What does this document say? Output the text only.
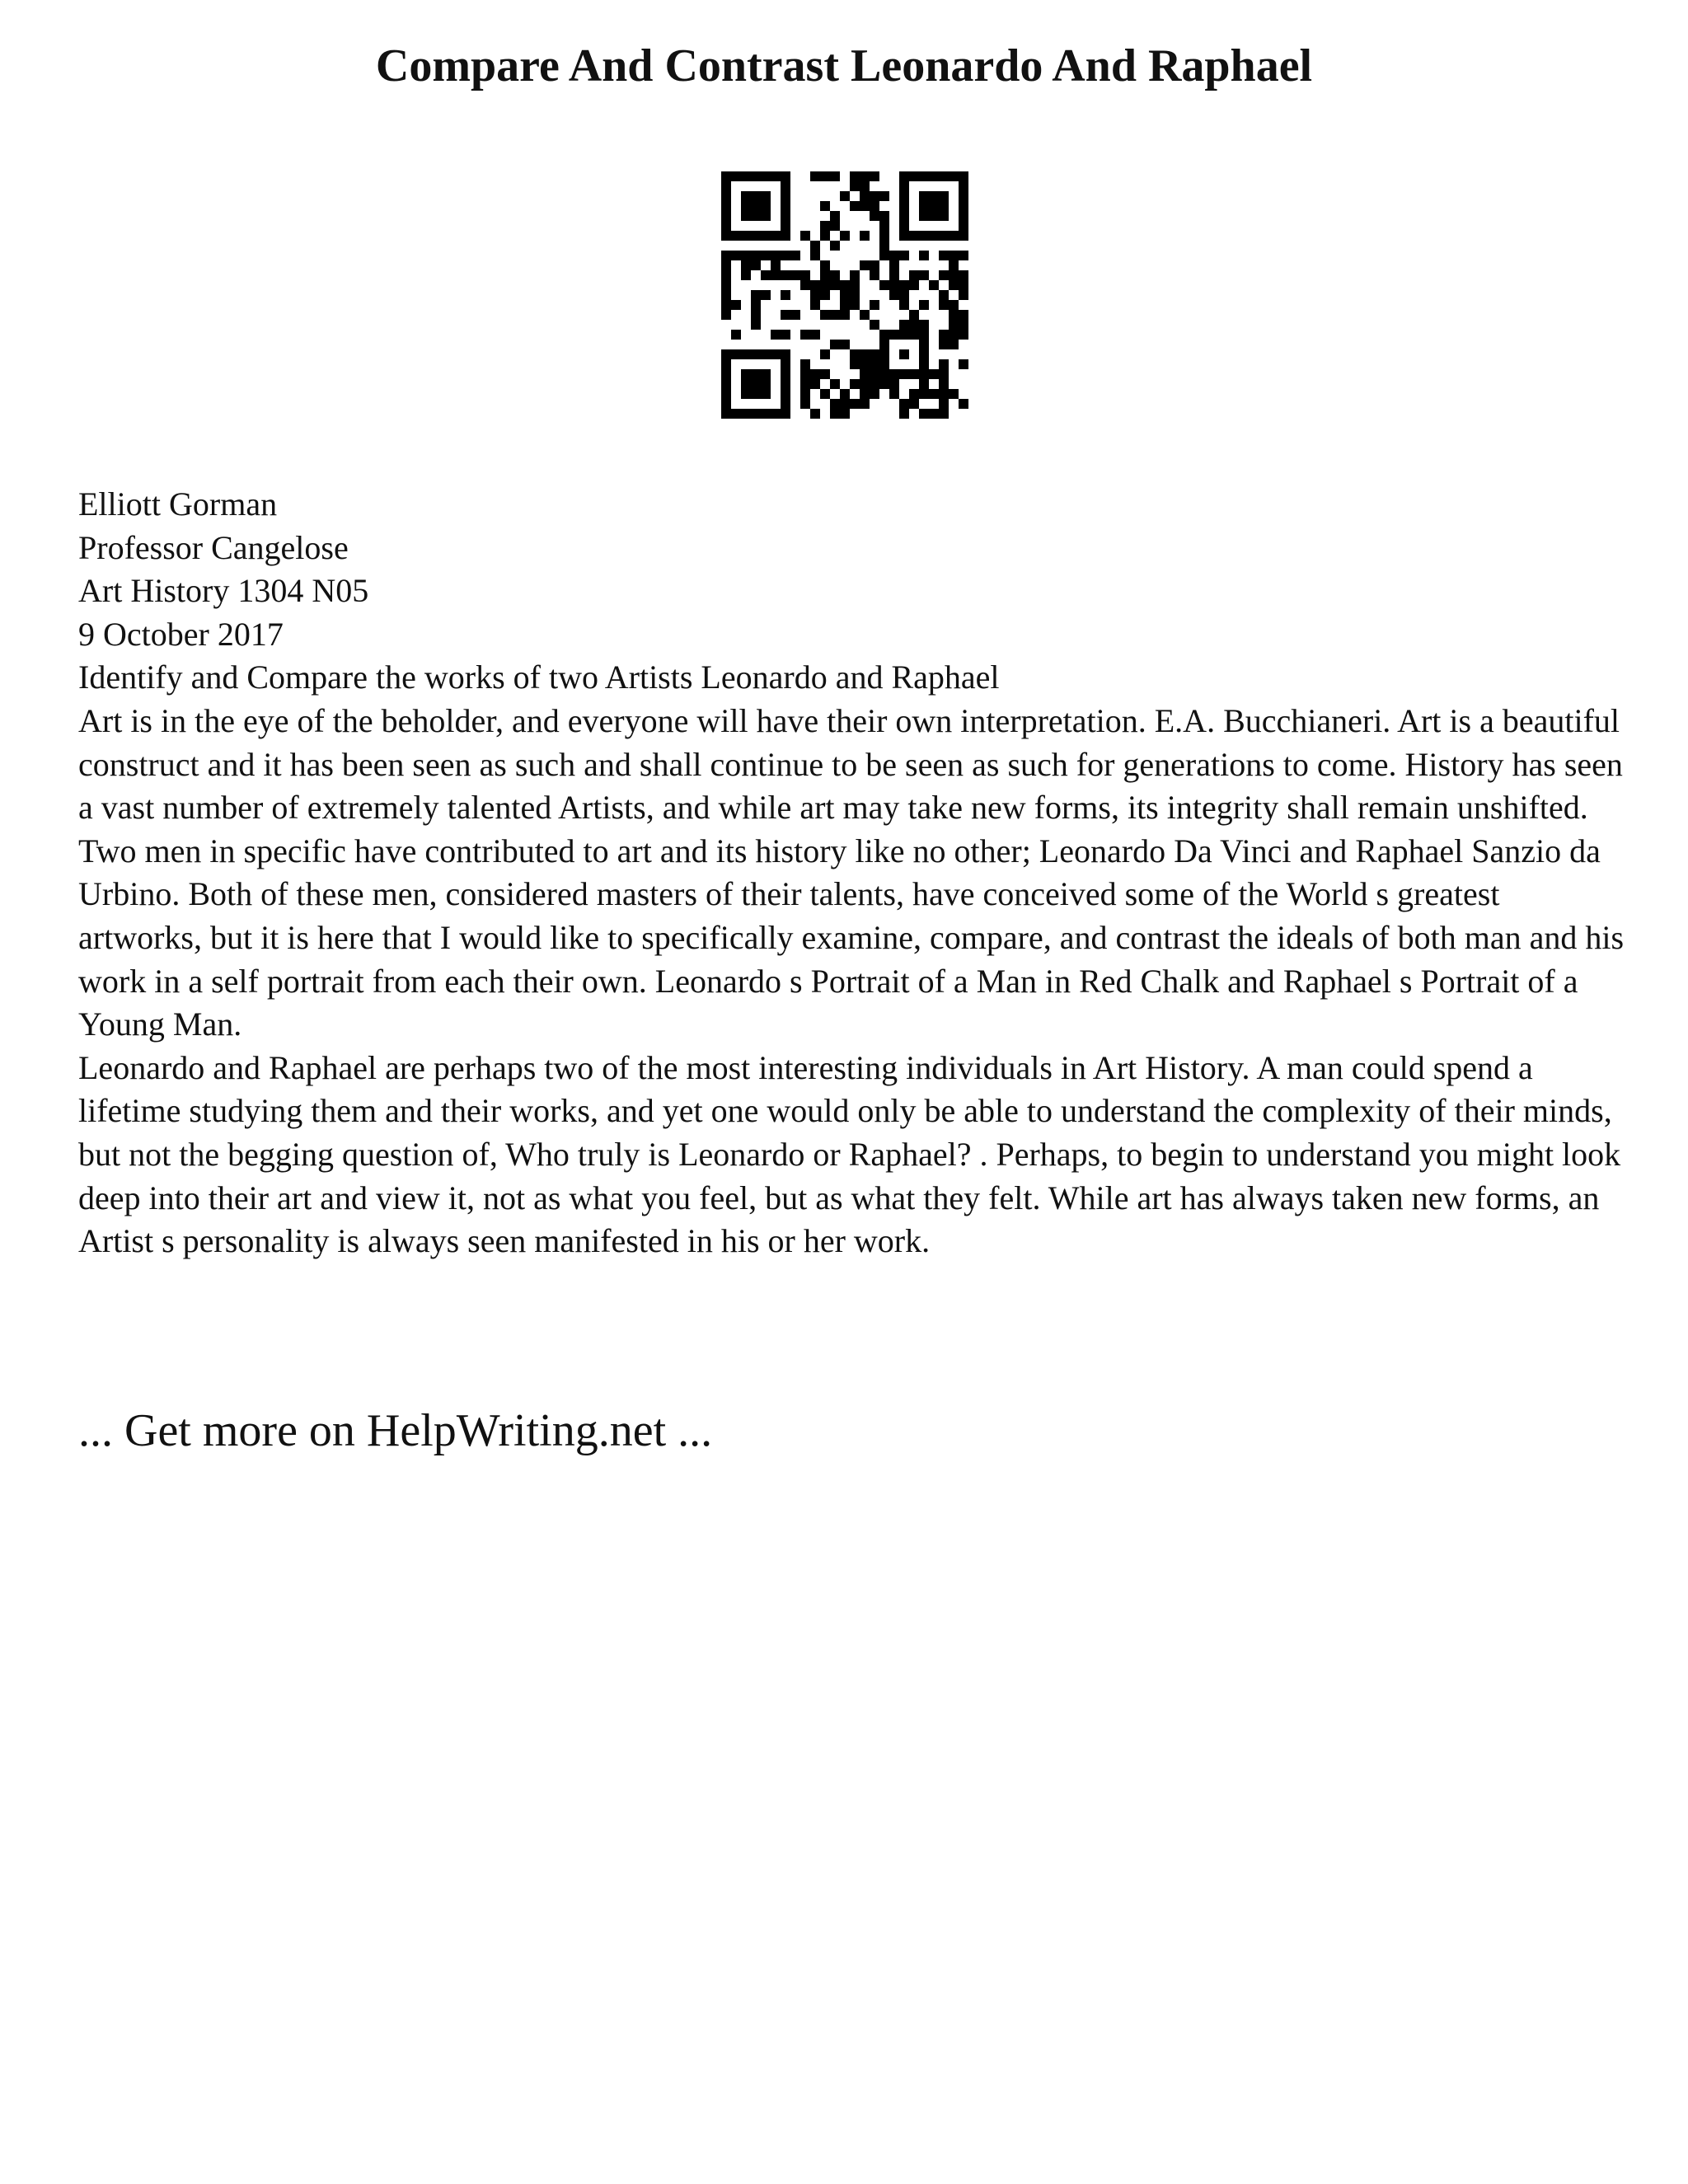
Compare And Contrast Leonardo And Raphael

Elliott Gorman

Professor Cangelose

Art History 1304 N05

9 October 2017

Identify and Compare the works of two Artists Leonardo and Raphael

Art is in the eye of the beholder, and everyone will have their own interpretation. E.A. Bucchianeri. Art is a beautiful construct and it has been seen as such and shall continue to be seen as such for generations to come. History has seen a vast number of extremely talented Artists, and while art may take new forms, its integrity shall remain unshifted. Two men in specific have contributed to art and its history like no other; Leonardo Da Vinci and Raphael Sanzio da Urbino. Both of these men, considered masters of their talents, have conceived some of the World s greatest artworks, but it is here that I would like to specifically examine, compare, and contrast the ideals of both man and his work in a self portrait from each their own. Leonardo s Portrait of a Man in Red Chalk and Raphael s Portrait of a Young Man.

Leonardo and Raphael are perhaps two of the most interesting individuals in Art History. A man could spend a lifetime studying them and their works, and yet one would only be able to understand the complexity of their minds, but not the begging question of, Who truly is Leonardo or Raphael? . Perhaps, to begin to understand you might look deep into their art and view it, not as what you feel, but as what they felt. While art has always taken new forms, an Artist s personality is always seen manifested in his or her work.

... Get more on HelpWriting.net ...
